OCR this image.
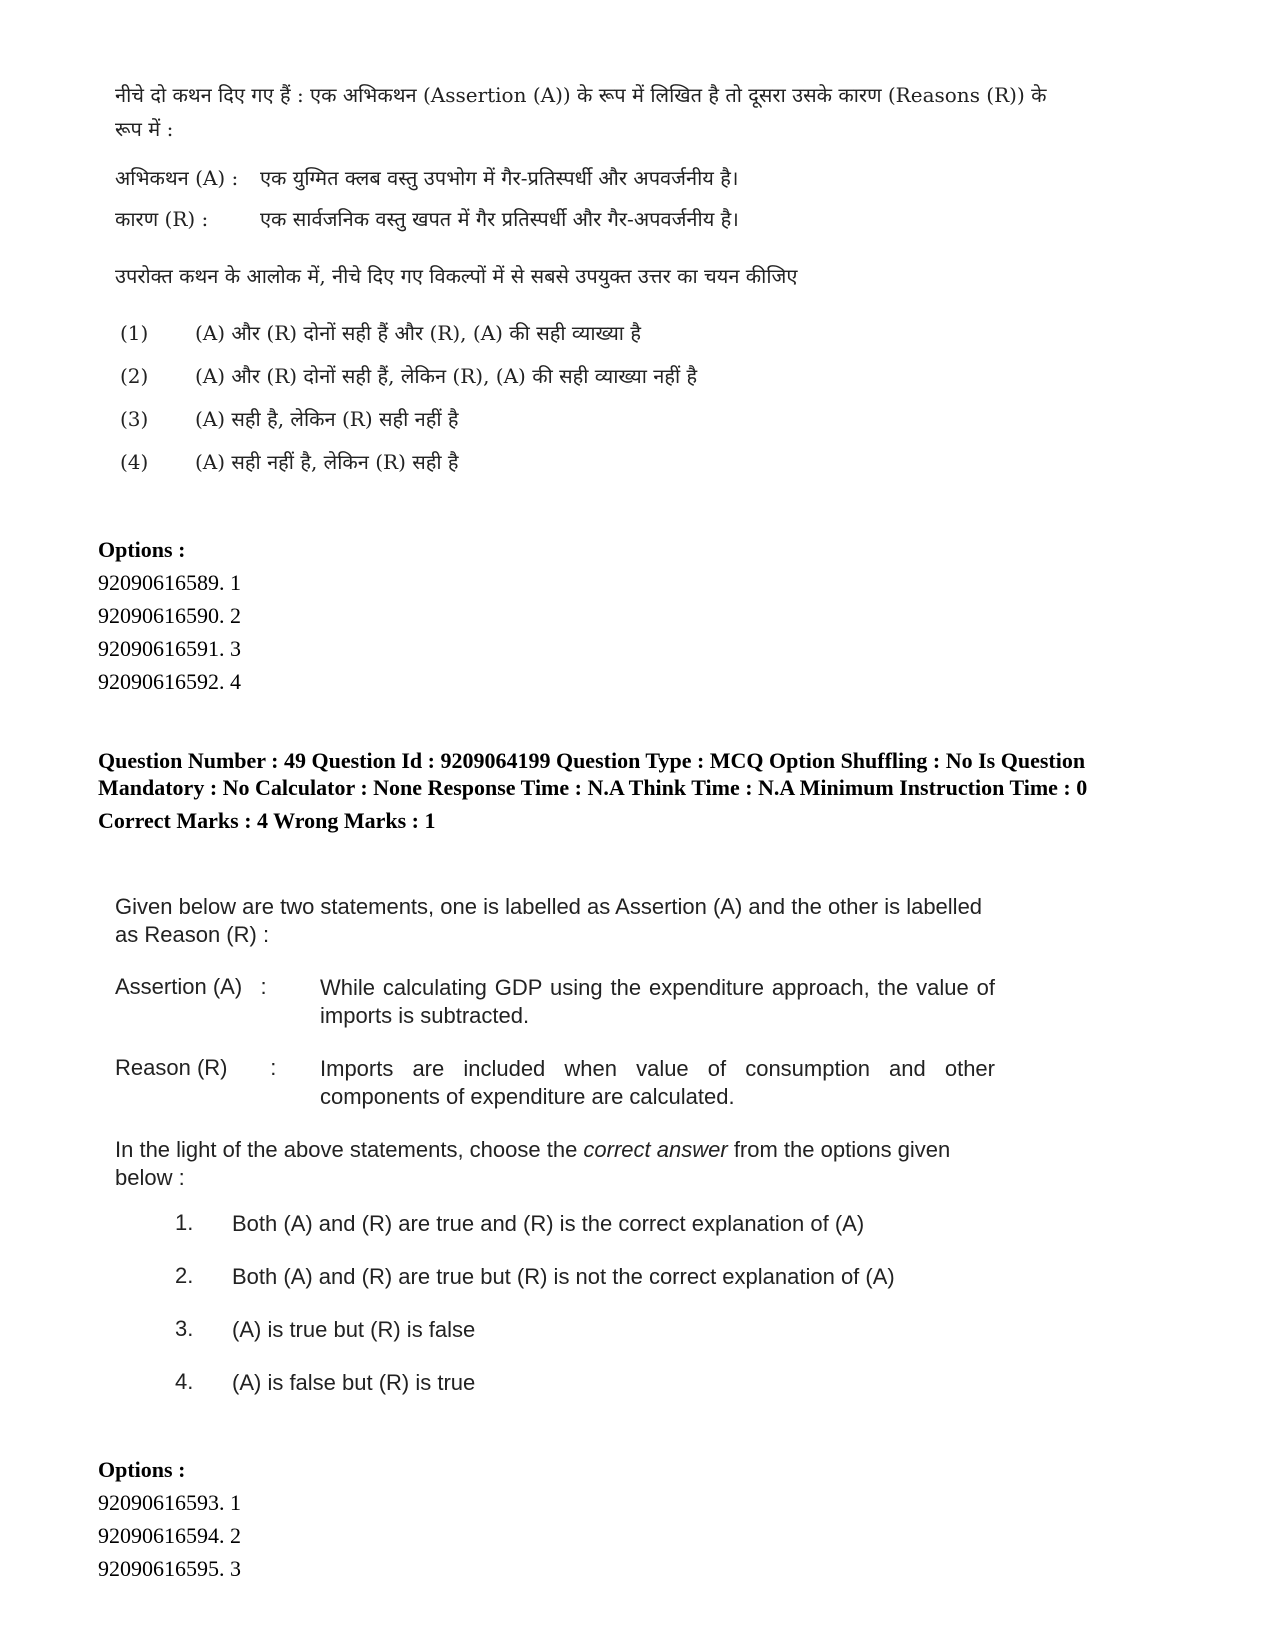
नीचे दो कथन दिए गए हैं : एक अभिकथन (Assertion (A)) के रूप में लिखित है तो दूसरा उसके कारण (Reasons (R)) के रूप में :

अभिकथन (A) :	एक युग्मित क्लब वस्तु उपभोग में गैर-प्रतिस्पर्धी और अपवर्जनीय है।
कारण (R) :	एक सार्वजनिक वस्तु खपत में गैर प्रतिस्पर्धी और गैर-अपवर्जनीय है।
उपरोक्त कथन के आलोक में, नीचे दिए गए विकल्पों में से सबसे उपयुक्त उत्तर का चयन कीजिए
(1)	(A) और (R) दोनों सही हैं और (R), (A) की सही व्याख्या है
(2)	(A) और (R) दोनों सही हैं, लेकिन (R), (A) की सही व्याख्या नहीं है
(3)	(A) सही है, लेकिन (R) सही नहीं है
(4)	(A) सही नहीं है, लेकिन (R) सही है
Options :
92090616589. 1
92090616590. 2
92090616591. 3
92090616592. 4
Question Number : 49 Question Id : 9209064199 Question Type : MCQ Option Shuffling : No Is Question Mandatory : No Calculator : None Response Time : N.A Think Time : N.A Minimum Instruction Time : 0
Correct Marks : 4 Wrong Marks : 1

Given below are two statements, one is labelled as Assertion (A) and the other is labelled as Reason (R) :

Assertion (A)   :	While calculating GDP using the expenditure approach, the value of imports is subtracted.
Reason (R)       :	Imports are included when value of consumption and other components of expenditure are calculated.

In the light of the above statements, choose the correct answer from the options given below :

1.	Both (A) and (R) are true and (R) is the correct explanation of (A)
2.	Both (A) and (R) are true but (R) is not the correct explanation of (A)
3.	(A) is true but (R) is false
4.	(A) is false but (R) is true
Options :
92090616593. 1
92090616594. 2
92090616595. 3
